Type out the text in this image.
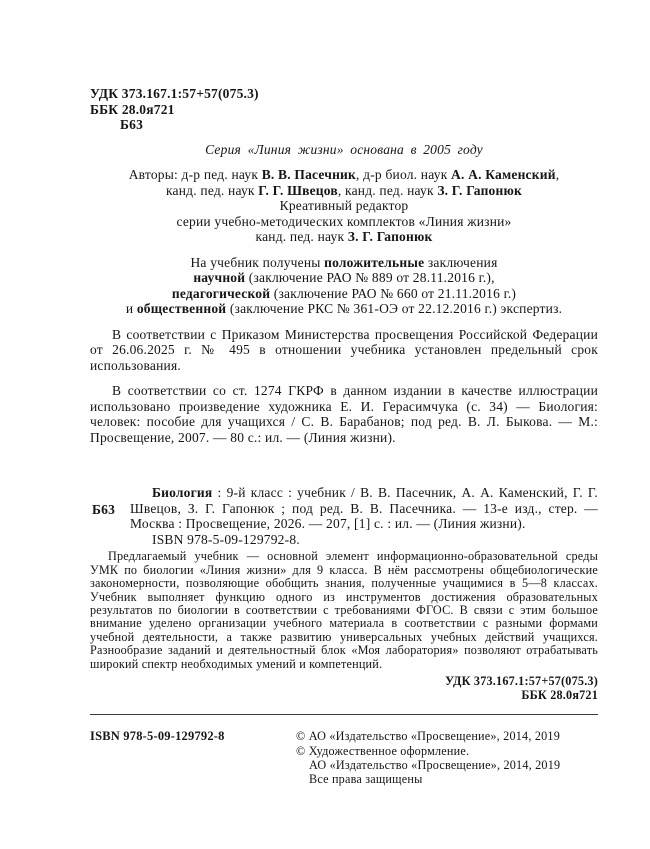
УДК 373.167.1:57+57(075.3)
ББК 28.0я721
Б63
Серия «Линия жизни» основана в 2005 году
Авторы: д-р пед. наук В. В. Пасечник, д-р биол. наук А. А. Каменский,
канд. пед. наук Г. Г. Швецов, канд. пед. наук З. Г. Гапонюк
Креативный редактор
серии учебно-методических комплектов «Линия жизни»
канд. пед. наук З. Г. Гапонюк
На учебник получены положительные заключения
научной (заключение РАО № 889 от 28.11.2016 г.),
педагогической (заключение РАО № 660 от 21.11.2016 г.)
и общественной (заключение РКС № 361-ОЭ от 22.12.2016 г.) экспертиз.

В соответствии с Приказом Министерства просвещения Российской Федерации от 26.06.2025 г. № 495 в отношении учебника установлен предельный срок использования.

В соответствии со ст. 1274 ГКРФ в данном издании в качестве иллюстрации использовано произведение художника Е. И. Герасимчука (с. 34) — Биология: человек: пособие для учащихся / С. В. Барабанов; под ред. В. Л. Быкова. — М.: Просвещение, 2007. — 80 с.: ил. — (Линия жизни).

Б63

Биология : 9-й класс : учебник / В. В. Пасечник, А. А. Каменский, Г. Г. Швецов, З. Г. Гапонюк ; под ред. В. В. Пасечника. — 13-е изд., стер. — Москва : Просвещение, 2026. — 207, [1] с. : ил. — (Линия жизни).

ISBN 978-5-09-129792-8.

Предлагаемый учебник — основной элемент информационно-образовательной среды УМК по биологии «Линия жизни» для 9 класса. В нём рассмотрены общебиологические закономерности, позволяющие обобщить знания, полученные учащимися в 5—8 классах. Учебник выполняет функцию одного из инструментов достижения образовательных результатов по биологии в соответствии с требованиями ФГОС. В связи с этим большое внимание уделено организации учебного материала в соответствии с разными формами учебной деятельности, а также развитию универсальных учебных действий учащихся. Разнообразие заданий и деятельностный блок «Моя лаборатория» позволяют отрабатывать широкий спектр необходимых умений и компетенций.

УДК 373.167.1:57+57(075.3)
ББК 28.0я721
ISBN 978-5-09-129792-8	© АО «Издательство «Просвещение», 2014, 2019
© Художественное оформление.
АО «Издательство «Просвещение», 2014, 2019
Все права защищены
